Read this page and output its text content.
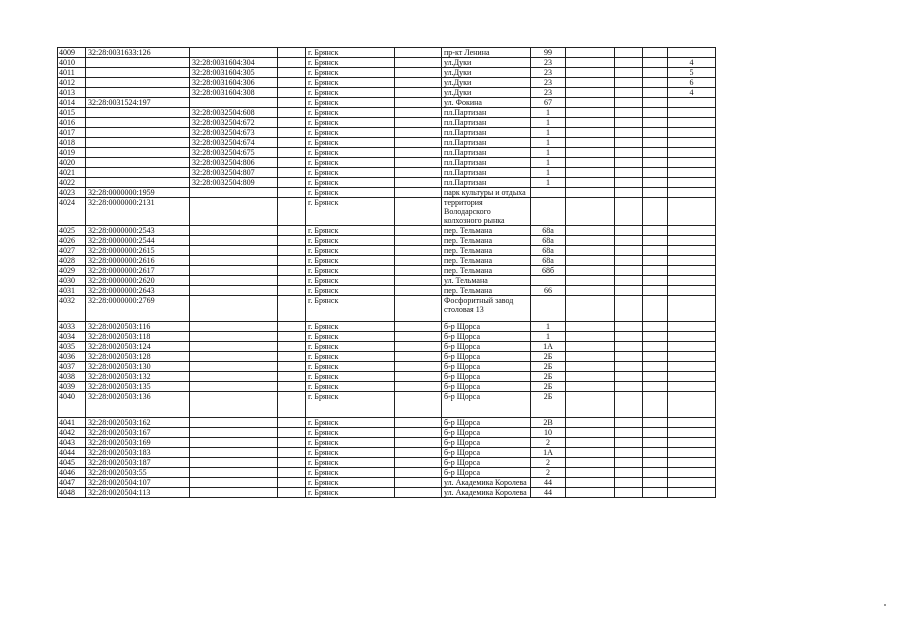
4009	32:28:0031633:126			г. Брянск		пр-кт Ленина	99				
4010		32:28:0031604:304		г. Брянск		ул.Дуки	23				4
4011		32:28:0031604:305		г. Брянск		ул.Дуки	23				5
4012		32:28:0031604:306		г. Брянск		ул.Дуки	23				6
4013		32:28:0031604:308		г. Брянск		ул.Дуки	23				4
4014	32:28:0031524:197			г. Брянск		ул. Фокина	67				
4015		32:28:0032504:608		г. Брянск		пл.Партизан	1				
4016		32:28:0032504:672		г. Брянск		пл.Партизан	1				
4017		32:28:0032504:673		г. Брянск		пл.Партизан	1				
4018		32:28:0032504:674		г. Брянск		пл.Партизан	1				
4019		32:28:0032504:675		г. Брянск		пл.Партизан	1				
4020		32:28:0032504:806		г. Брянск		пл.Партизан	1				
4021		32:28:0032504:807		г. Брянск		пл.Партизан	1				
4022		32:28:0032504:809		г. Брянск		пл.Партизан	1				
4023	32:28:0000000:1959			г. Брянск		парк культуры и отдыха					
4024	32:28:0000000:2131			г. Брянск		территория Володарского колхозного рынка					
4025	32:28:0000000:2543			г. Брянск		пер. Тельмана	68а				
4026	32:28:0000000:2544			г. Брянск		пер. Тельмана	68а				
4027	32:28:0000000:2615			г. Брянск		пер. Тельмана	68а				
4028	32:28:0000000:2616			г. Брянск		пер. Тельмана	68а				
4029	32:28:0000000:2617			г. Брянск		пер. Тельмана	68б				
4030	32:28:0000000:2620			г. Брянск		ул. Тельмана					
4031	32:28:0000000:2643			г. Брянск		пер. Тельмана	66				
4032	32:28:0000000:2769			г. Брянск		Фосфоритный завод столовая 13					
4033	32:28:0020503:116			г. Брянск		б-р Щорса	1				
4034	32:28:0020503:118			г. Брянск		б-р Щорса	1				
4035	32:28:0020503:124			г. Брянск		б-р Щорса	1А				
4036	32:28:0020503:128			г. Брянск		б-р Щорса	2Б				
4037	32:28:0020503:130			г. Брянск		б-р Щорса	2Б				
4038	32:28:0020503:132			г. Брянск		б-р Щорса	2Б				
4039	32:28:0020503:135			г. Брянск		б-р Щорса	2Б				
4040	32:28:0020503:136			г. Брянск		б-р Щорса	2Б				
4041	32:28:0020503:162			г. Брянск		б-р Щорса	2В				
4042	32:28:0020503:167			г. Брянск		б-р Щорса	10				
4043	32:28:0020503:169			г. Брянск		б-р Щорса	2				
4044	32:28:0020503:183			г. Брянск		б-р Щорса	1А				
4045	32:28:0020503:187			г. Брянск		б-р Щорса	2				
4046	32:28:0020503:55			г. Брянск		б-р Щорса	2				
4047	32:28:0020504:107			г. Брянск		ул. Академика Королева	44				
4048	32:28:0020504:113			г. Брянск		ул. Академика Королева	44				
